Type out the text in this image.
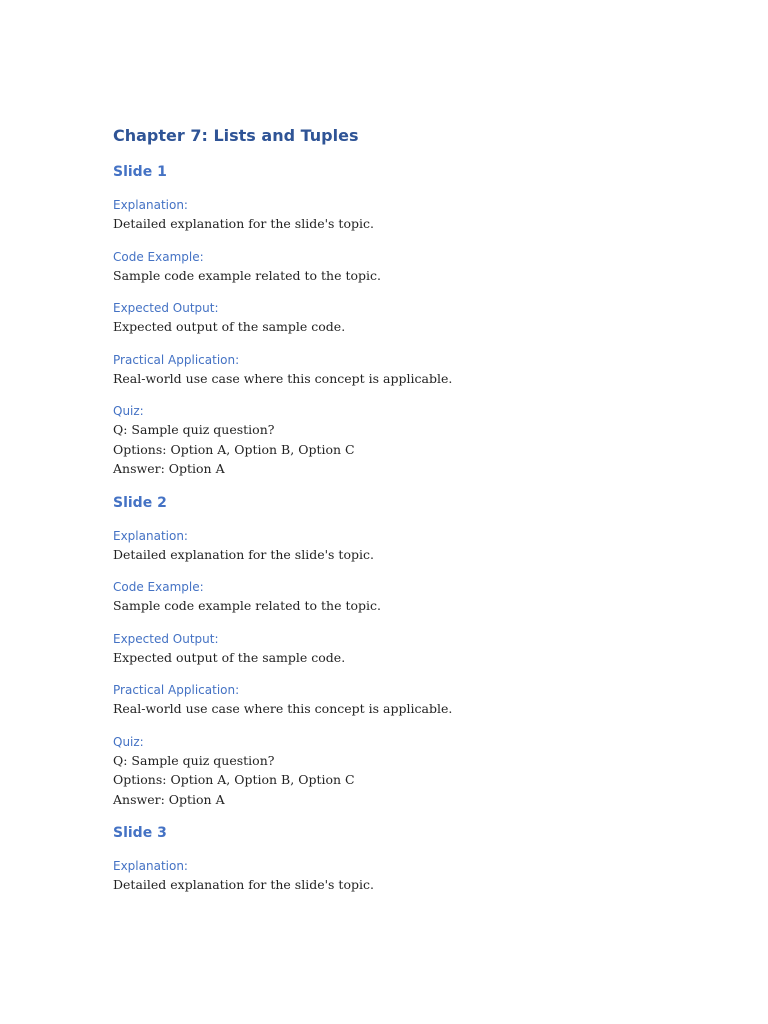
Chapter 7: Lists and Tuples
Slide 1
Explanation:

Detailed explanation for the slide's topic.

Code Example:

Sample code example related to the topic.

Expected Output:

Expected output of the sample code.

Practical Application:

Real-world use case where this concept is applicable.

Quiz:

Q: Sample quiz question?

Options: Option A, Option B, Option C

Answer: Option A

Slide 2
Explanation:

Detailed explanation for the slide's topic.

Code Example:

Sample code example related to the topic.

Expected Output:

Expected output of the sample code.

Practical Application:

Real-world use case where this concept is applicable.

Quiz:

Q: Sample quiz question?

Options: Option A, Option B, Option C

Answer: Option A

Slide 3
Explanation:

Detailed explanation for the slide's topic.
